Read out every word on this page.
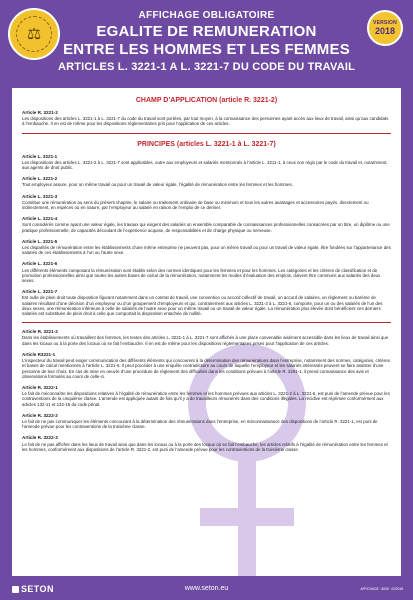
⚖
AFFICHAGE OBLIGATOIRE
EGALITE DE REMUNERATION
ENTRE LES HOMMES ET LES FEMMES
ARTICLES L. 3221-1 A L. 3221-7 DU CODE DU TRAVAIL
VERSION
2018
CHAMP D’APPLICATION (article R. 3221-2)
Article R. 3221-2

Les dispositions des articles L. 3221-1 à L. 3221-7 du code du travail sont portées, par tout moyen, à la connaissance des personnes ayant accès aux lieux de travail, ainsi qu’aux candidats à l’embauche. Il en est de même pour les dispositions réglementaires pris pour l’application de ces articles.

PRINCIPES (articles L. 3221-1 à L. 3221-7)
Article L. 3221-1

Les dispositions des articles L. 3221-2 à L. 3221-7 sont applicables, outre aux employeurs et salariés mentionnés à l’article L. 3211-1, à ceux non régis par le code du travail et, notamment, aux agents de droit public.

Article L. 3221-2

Tout employeur assure, pour un même travail ou pour un travail de valeur égale, l’égalité de rémunération entre les femmes et les hommes.

Article L. 3221-3

Constitue une rémunération au sens du présent chapitre, le salaire ou traitement ordinaire de base ou minimum et tous les autres avantages et accessoires payés, directement ou indirectement, en espèces ou en nature, par l’employeur au salarié en raison de l’emploi de ce dernier.

Article L. 3221-4

Sont considérés comme ayant une valeur égale, les travaux qui exigent des salariés un ensemble comparable de connaissances professionnelles consacrées par un titre, un diplôme ou une pratique professionnelle, de capacités découlant de l’expérience acquise, de responsabilités et de charge physique ou nerveuse.

Article L. 3221-5

Les disparités de rémunération entre les établissements d’une même entreprise ne peuvent pas, pour un même travail ou pour un travail de valeur égale, être fondées sur l’appartenance des salariés de ces établissements à l’un ou l’autre sexe.

Article L. 3221-6

Les différents éléments composant la rémunération sont établis selon des normes identiques pour les femmes et pour les hommes. Les catégories et les critères de classification et de promotion professionnelles ainsi que toutes les autres bases de calcul de la rémunération, notamment les modes d’évaluation des emplois, doivent être communs aux salariés des deux sexes.

Article L. 3221-7

Est nulle de plein droit toute disposition figurant notamment dans un contrat de travail, une convention ou accord collectif de travail, un accord de salaires, un règlement ou barème de salaires résultant d’une décision d’un employeur ou d’un groupement d’employeurs et qui, contrairement aux articles L. 3221-2 à L. 3221-6, comporte, pour un ou des salariés de l’un des deux sexes, une rémunération inférieure à celle de salariés de l’autre sexe pour un même travail ou un travail de valeur égale. La rémunération plus élevée dont bénéficient ces derniers salariés est substituée de plein droit à celle que comportait la disposition entachée de nullité.

Article R. 3221-2

Dans les établissements où travaillent des femmes, les textes des articles L. 3221-1 à L. 3221-7 sont affichés à une place convenable aisément accessible dans les lieux de travail ainsi que dans les locaux ou à la porte des locaux où se fait l’embauche. Il en est de même pour les dispositions réglementaires prises pour l’application de ces articles.

Article R3221-1

L’inspecteur du travail peut exiger communication des différents éléments qui concourent à la détermination des rémunérations dans l’entreprise, notamment des normes, catégories, critères et bases de calcul mentionnés à l’article L. 3221-6. Il peut procéder à une enquête contradictoire au cours de laquelle l’employeur et les salariés intéressés peuvent se faire assister d’une personne de leur choix. En cas de mise en oeuvre d’une procédure de règlement des difficultés dans les conditions prévues à l’article R. 2261-1, il prend connaissance des avis et observations formulés au cours de celle-ci.

Article R. 3222-1

Le fait de méconnaître les dispositions relatives à l’égalité de rémunération entre les femmes et les hommes prévues aux articles L. 3221-2 à L. 3221-6, est puni de l’amende prévue pour les contraventions de la cinquième classe. L’amende est appliquée autant de fois qu’il y a de travailleurs rémunérés dans des conditions illégales. La récidive est réprimée conformément aux articles 132-11 et 132-15 du code pénal.

Article R. 3222-2

Le fait de ne pas communiquer les éléments concourant à la détermination des rémunérations dans l’entreprise, en méconnaissance des dispositions de l’article R. 3221-1, est puni de l’amende prévue pour les contraventions de la troisième classe.

Article R. 3222-3

Le fait de ne pas afficher dans les lieux de travail ainsi que dans les locaux ou à la porte des locaux où se fait l’embauche, les articles relatifs à l’égalité de rémunération entre les femmes et les hommes, conformément aux dispositions de l’article R. 3221-2, est puni de l’amende prévue pour les contraventions de la troisième classe.

SETON	www.seton.eu	AFFICHAGE · 8005 · 02/2018
